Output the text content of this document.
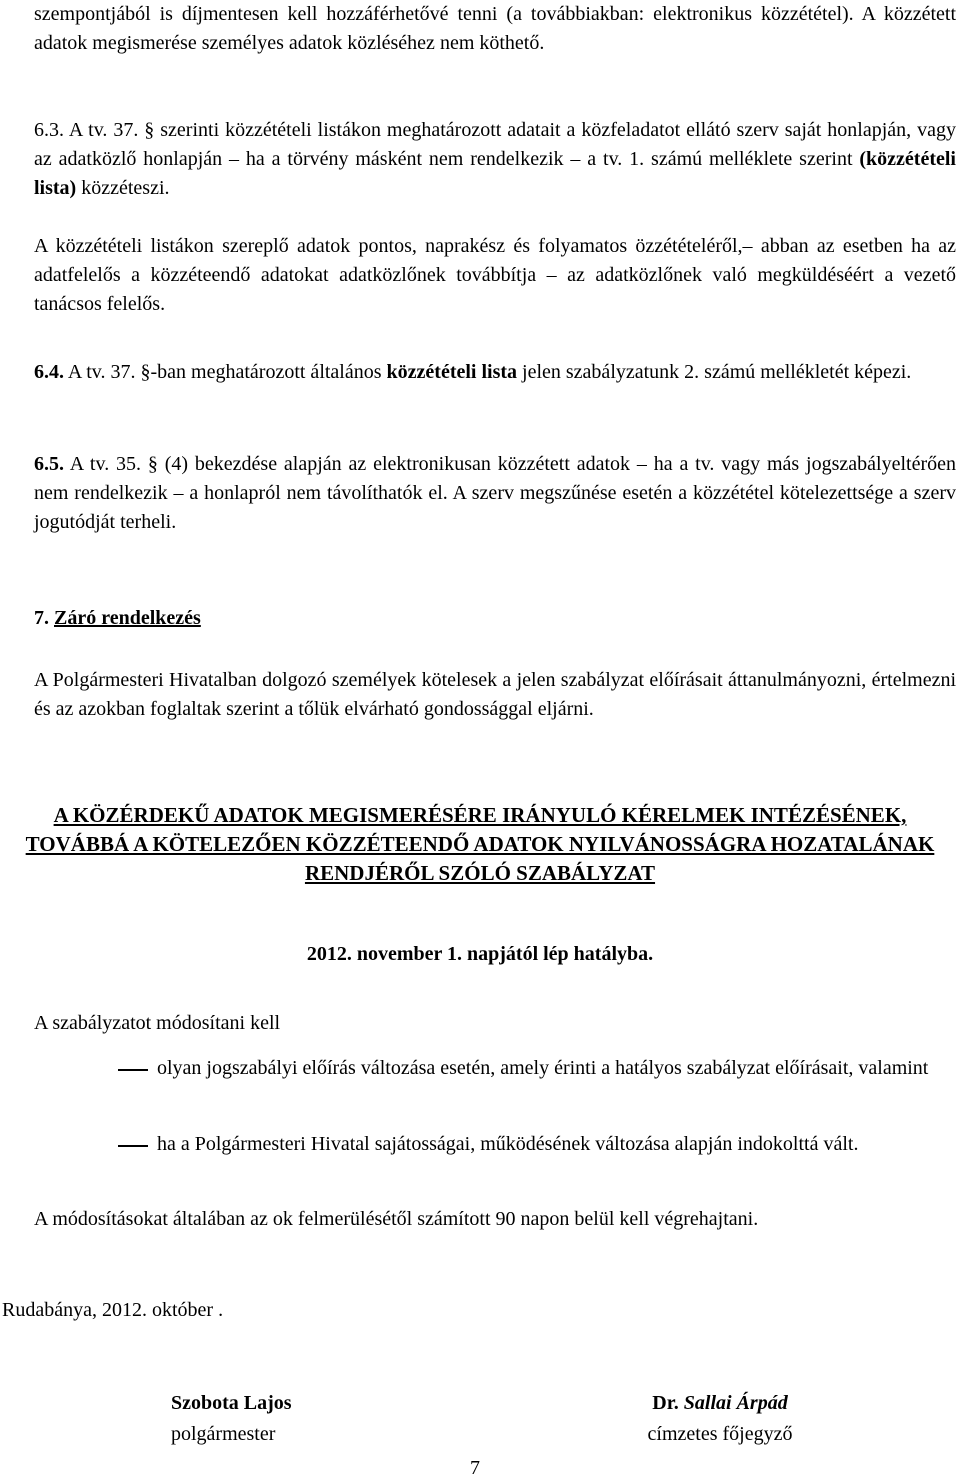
szempontjából is díjmentesen kell hozzáférhetővé tenni (a továbbiakban: elektronikus közzététel). A közzétett adatok megismerése személyes adatok közléséhez nem köthető.

6.3. A tv. 37. § szerinti közzétételi listákon meghatározott adatait a közfeladatot ellátó szerv saját honlapján, vagy az adatközlő honlapján – ha a törvény másként nem rendelkezik – a tv. 1. számú melléklete szerint (közzétételi lista) közzéteszi.

A közzétételi listákon szereplő adatok pontos, naprakész és folyamatos özzétételéről,– abban az esetben ha az adatfelelős a közzéteendő adatokat adatközlőnek továbbítja – az adatközlőnek való megküldéséért a vezető tanácsos felelős.

6.4. A tv. 37. §-ban meghatározott általános közzétételi lista jelen szabályzatunk 2. számú mellékletét képezi.

6.5. A tv. 35. § (4) bekezdése alapján az elektronikusan közzétett adatok – ha a tv. vagy más jogszabályeltérően nem rendelkezik – a honlapról nem távolíthatók el. A szerv megszűnése esetén a közzététel kötelezettsége a szerv jogutódját terheli.

7. Záró rendelkezés

A Polgármesteri Hivatalban dolgozó személyek kötelesek a jelen szabályzat előírásait áttanulmányozni, értelmezni és az azokban foglaltak szerint a tőlük elvárható gondossággal eljárni.

A KÖZÉRDEKŰ ADATOK MEGISMERÉSÉRE IRÁNYULÓ KÉRELMEK INTÉZÉSÉNEK, TOVÁBBÁ A KÖTELEZŐEN KÖZZÉTEENDŐ ADATOK NYILVÁNOSSÁGRA HOZATALÁNAK RENDJÉRŐL SZÓLÓ SZABÁLYZAT

2012. november 1. napjától lép hatályba.

A szabályzatot módosítani kell

olyan jogszabályi előírás változása esetén, amely érinti a hatályos szabályzat előírásait, valamint

ha a Polgármesteri Hivatal sajátosságai, működésének változása alapján indokolttá vált.

A módosításokat általában az ok felmerülésétől számított 90 napon belül kell végrehajtani.

Rudabánya, 2012. október .

Szobota Lajos
polgármester
Dr. Sallai Árpád
címzetes főjegyző
7
